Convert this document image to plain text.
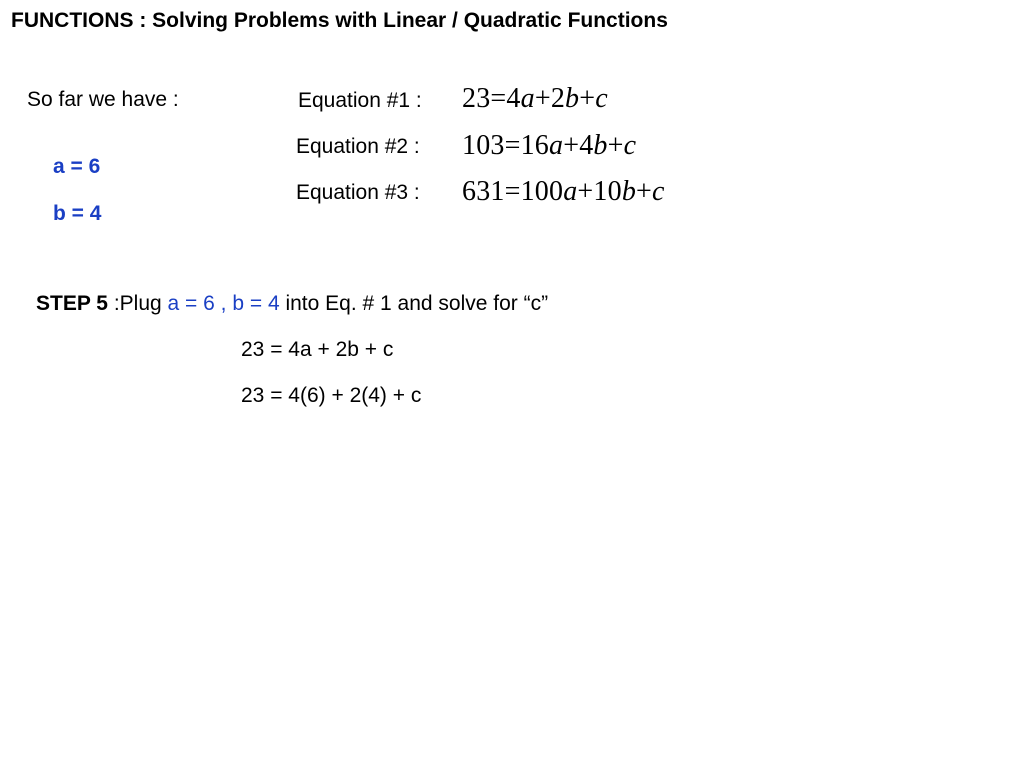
FUNCTIONS : Solving Problems with Linear / Quadratic Functions
So far we have :
a = 6
b = 4
Equation #1 : 23=4a+2b+c
Equation #2 : 103=16a+4b+c
Equation #3 : 631=100a+10b+c
STEP 5 :Plug a = 6 , b = 4 into Eq. # 1 and solve for “c”
23 = 4a + 2b + c
23 = 4(6) + 2(4) + c
